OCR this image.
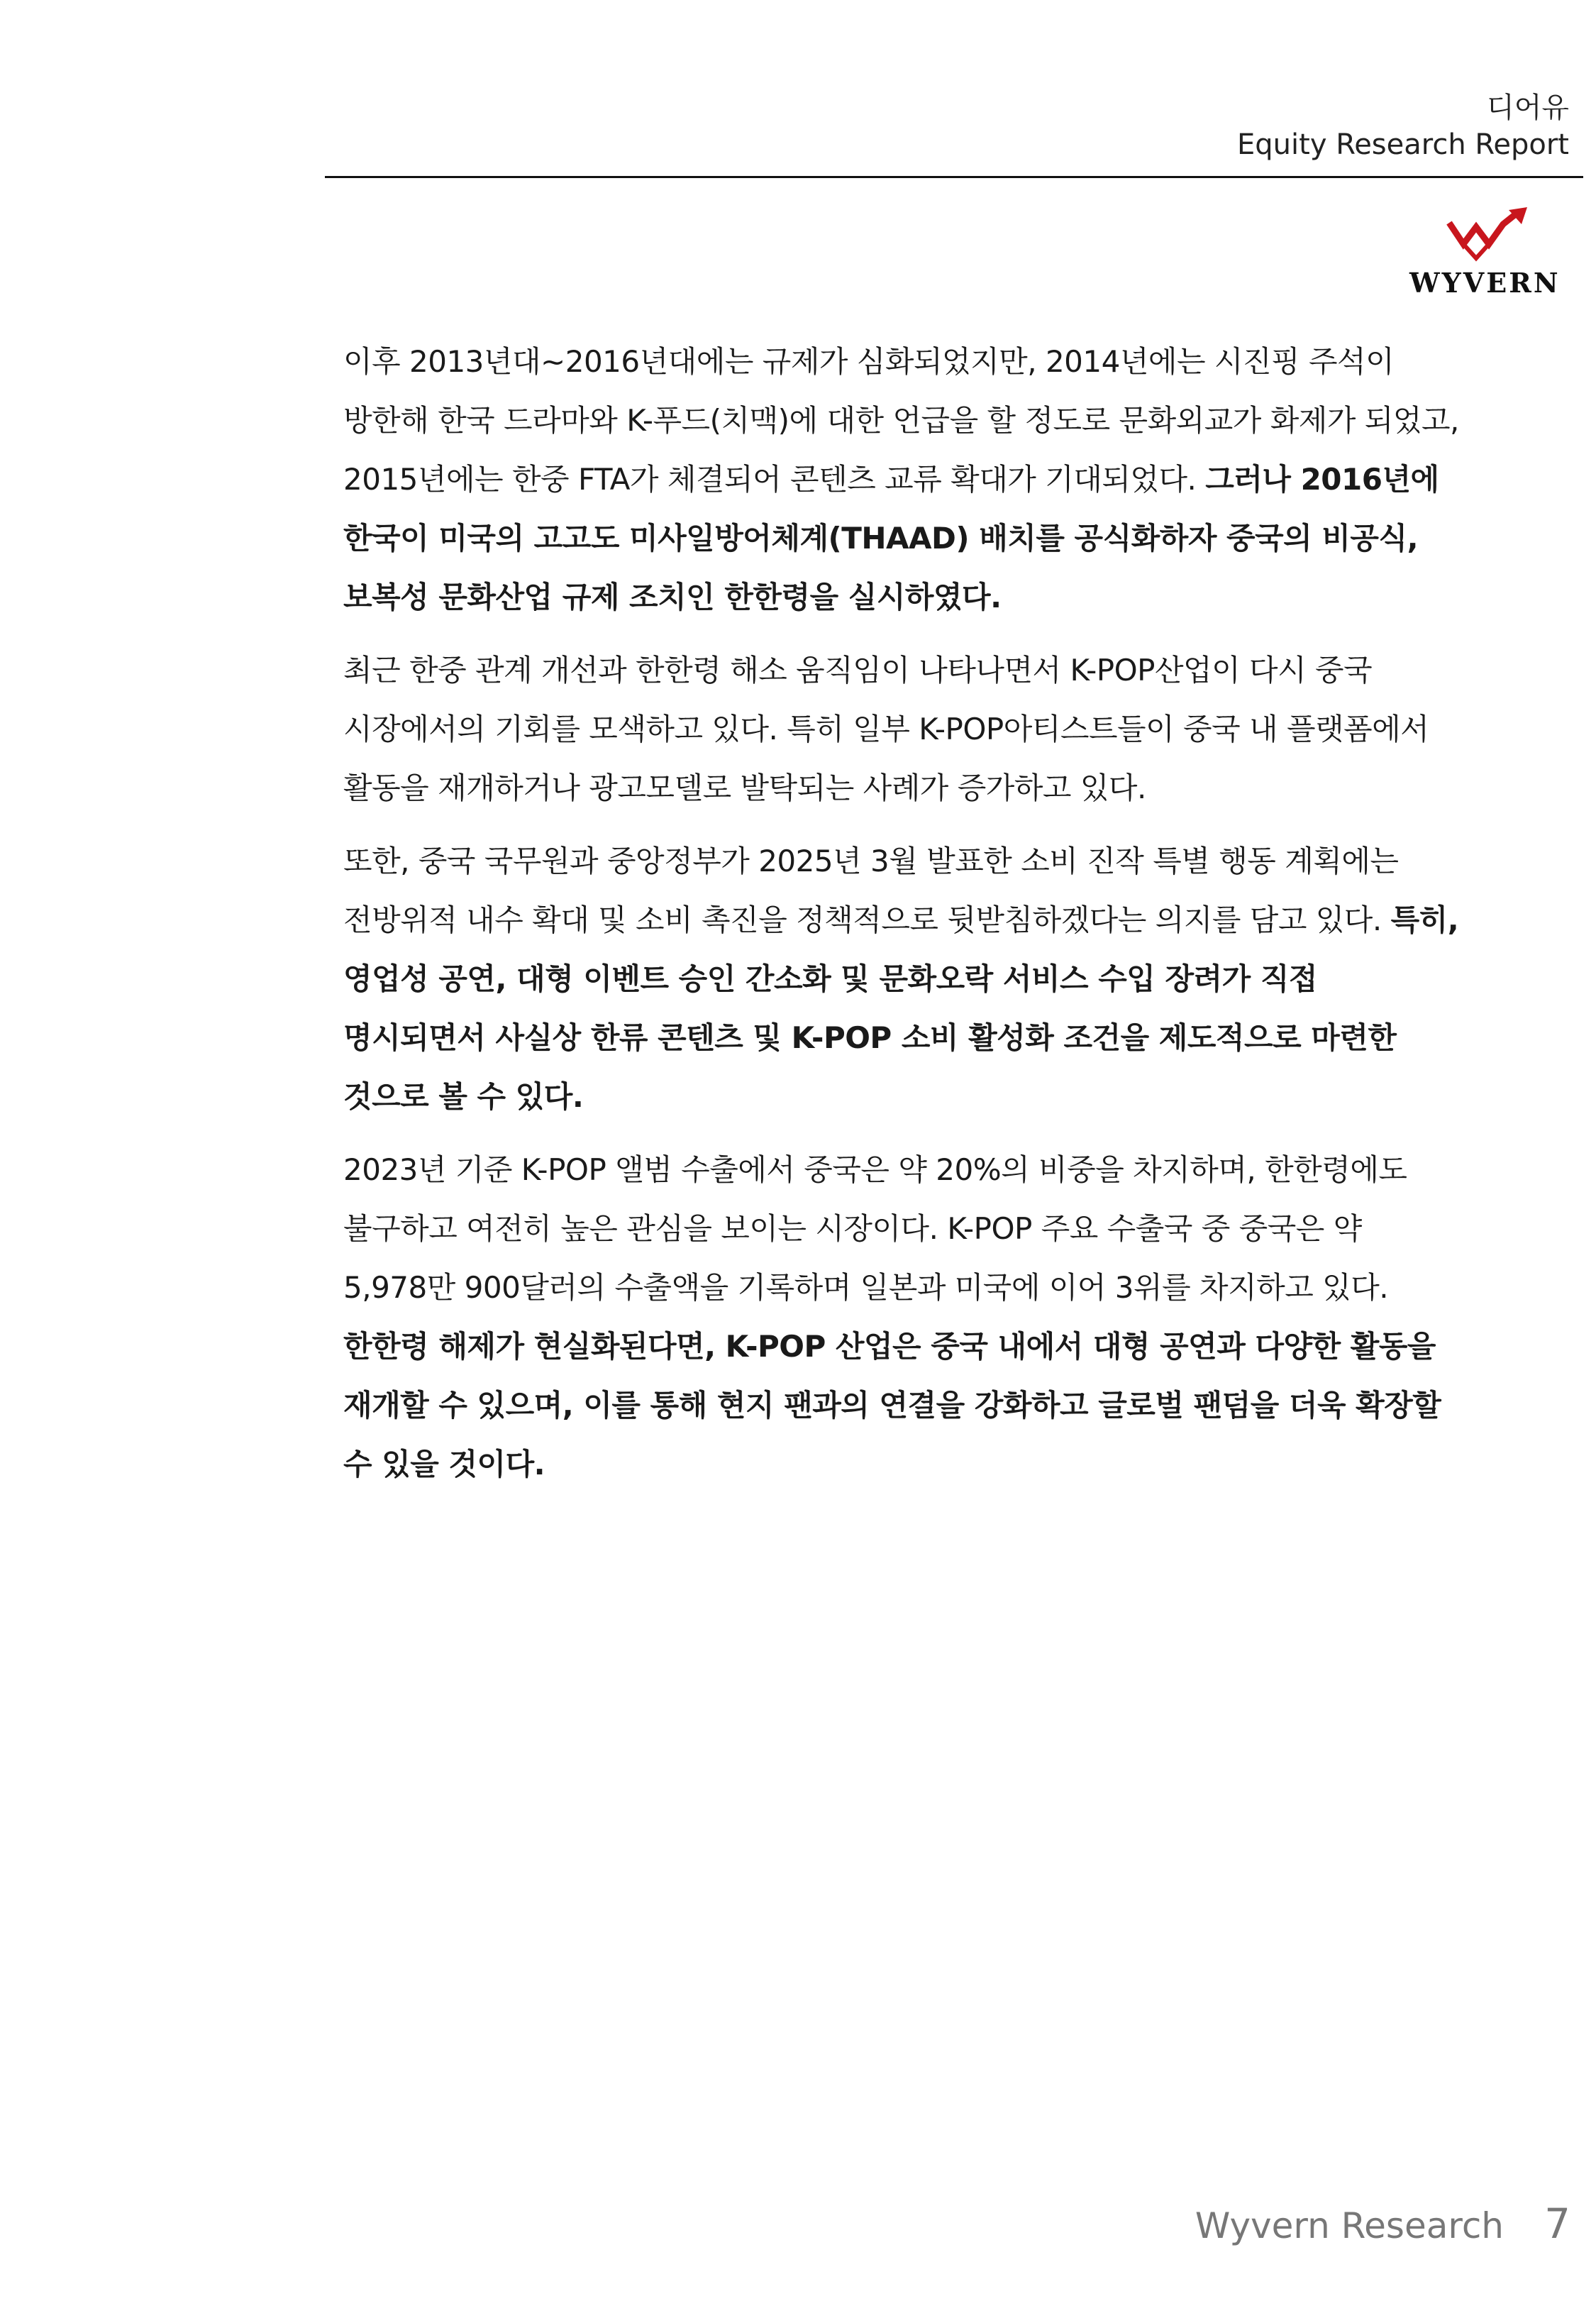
디어유
Equity Research Report
WYVERN

이후 2013년대~2016년대에는 규제가 심화되었지만, 2014년에는 시진핑 주석이 방한해 한국 드라마와 K-푸드(치맥)에 대한 언급을 할 정도로 문화외교가 화제가 되었고, 2015년에는 한중 FTA가 체결되어 콘텐츠 교류 확대가 기대되었다. 그러나 2016년에 한국이 미국의 고고도 미사일방어체계(THAAD) 배치를 공식화하자 중국의 비공식, 보복성 문화산업 규제 조치인 한한령을 실시하였다.

최근 한중 관계 개선과 한한령 해소 움직임이 나타나면서 K-POP산업이 다시 중국 시장에서의 기회를 모색하고 있다. 특히 일부 K-POP아티스트들이 중국 내 플랫폼에서 활동을 재개하거나 광고모델로 발탁되는 사례가 증가하고 있다.

또한, 중국 국무원과 중앙정부가 2025년 3월 발표한 소비 진작 특별 행동 계획에는 전방위적 내수 확대 및 소비 촉진을 정책적으로 뒷받침하겠다는 의지를 담고 있다. 특히, 영업성 공연, 대형 이벤트 승인 간소화 및 문화오락 서비스 수입 장려가 직접 명시되면서 사실상 한류 콘텐츠 및 K-POP 소비 활성화 조건을 제도적으로 마련한 것으로 볼 수 있다.

2023년 기준 K-POP 앨범 수출에서 중국은 약 20%의 비중을 차지하며, 한한령에도 불구하고 여전히 높은 관심을 보이는 시장이다. K-POP 주요 수출국 중 중국은 약 5,978만 900달러의 수출액을 기록하며 일본과 미국에 이어 3위를 차지하고 있다. 한한령 해제가 현실화된다면, K-POP 산업은 중국 내에서 대형 공연과 다양한 활동을 재개할 수 있으며, 이를 통해 현지 팬과의 연결을 강화하고 글로벌 팬덤을 더욱 확장할 수 있을 것이다.

Wyvern Research 7
